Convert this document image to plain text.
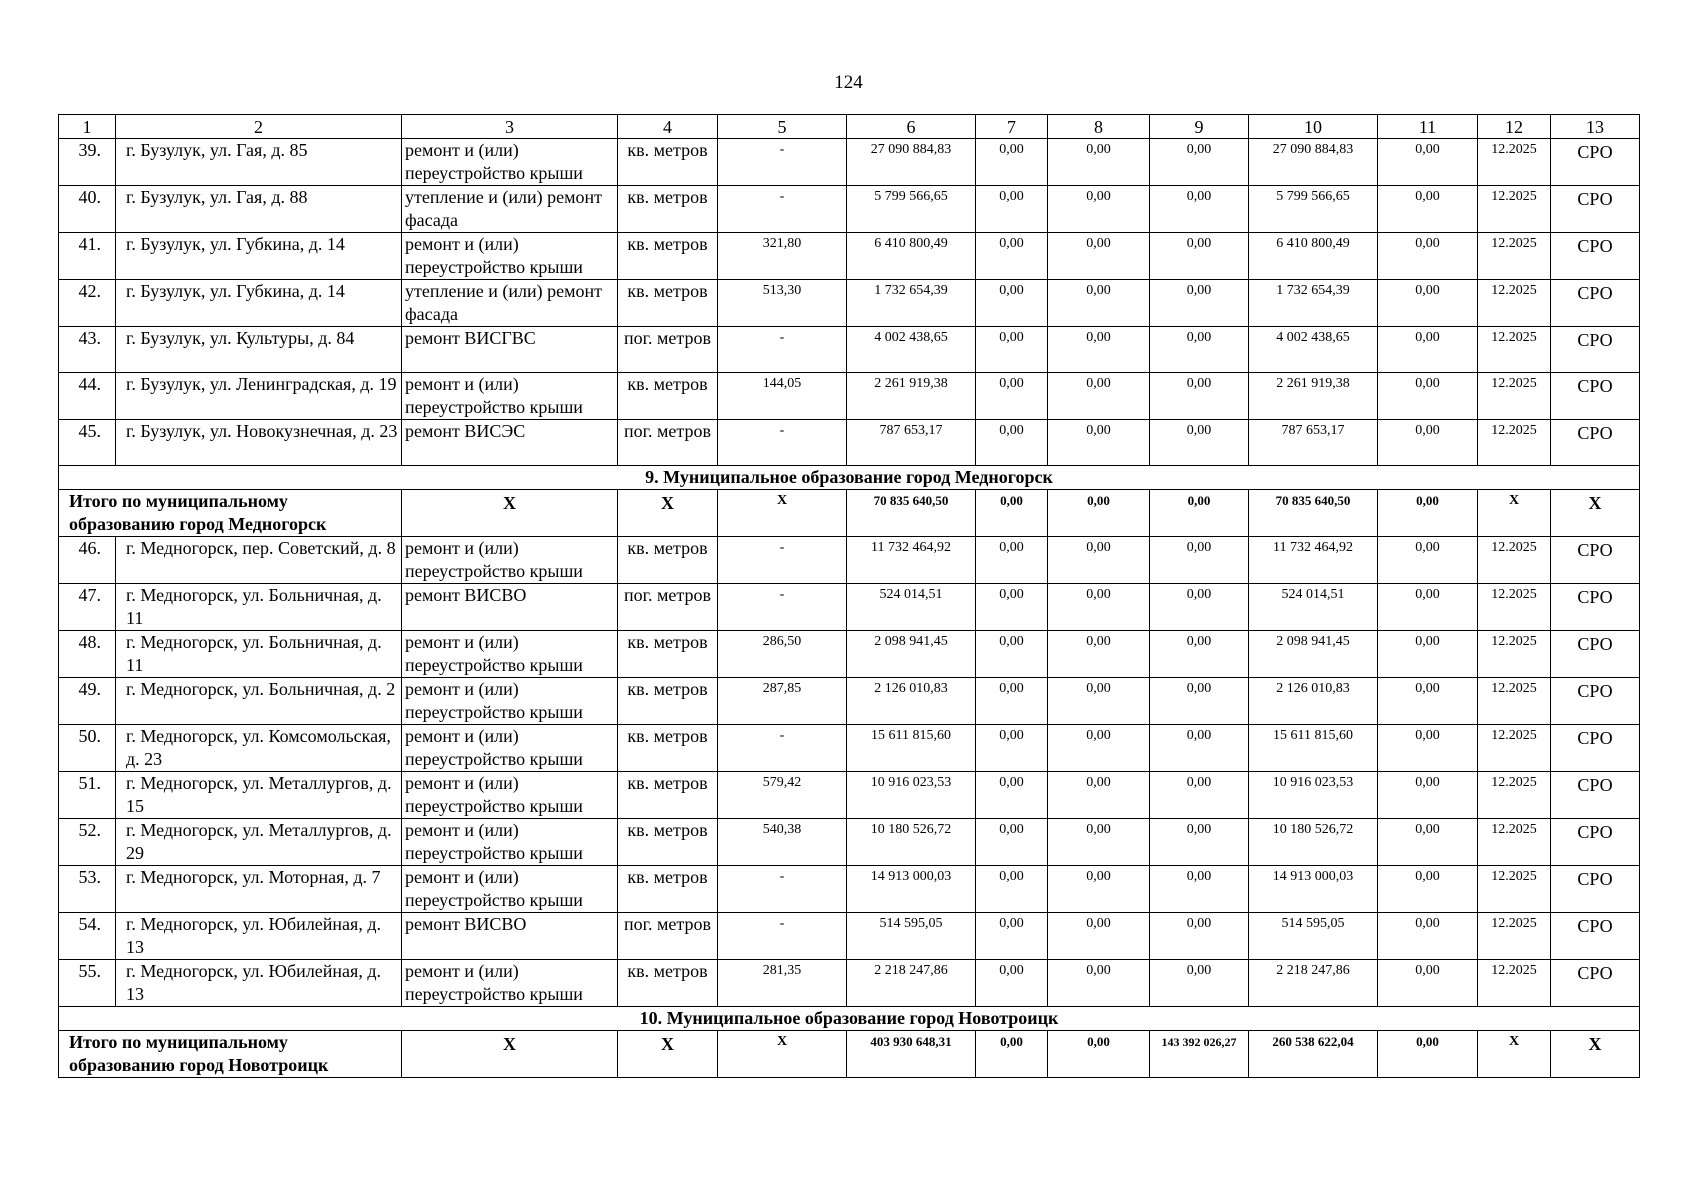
124
1	2	3	4	5	6	7	8	9	10	11	12	13
39.	г. Бузулук, ул. Гая, д. 85	ремонт и (или) переустройство крыши	кв. метров	-	27 090 884,83	0,00	0,00	0,00	27 090 884,83	0,00	12.2025	СРО
40.	г. Бузулук, ул. Гая, д. 88	утепление и (или) ремонт фасада	кв. метров	-	5 799 566,65	0,00	0,00	0,00	5 799 566,65	0,00	12.2025	СРО
41.	г. Бузулук, ул. Губкина, д. 14	ремонт и (или) переустройство крыши	кв. метров	321,80	6 410 800,49	0,00	0,00	0,00	6 410 800,49	0,00	12.2025	СРО
42.	г. Бузулук, ул. Губкина, д. 14	утепление и (или) ремонт фасада	кв. метров	513,30	1 732 654,39	0,00	0,00	0,00	1 732 654,39	0,00	12.2025	СРО
43.	г. Бузулук, ул. Культуры, д. 84	ремонт ВИСГВС	пог. метров	-	4 002 438,65	0,00	0,00	0,00	4 002 438,65	0,00	12.2025	СРО
44.	г. Бузулук, ул. Ленинградская, д. 19	ремонт и (или) переустройство крыши	кв. метров	144,05	2 261 919,38	0,00	0,00	0,00	2 261 919,38	0,00	12.2025	СРО
45.	г. Бузулук, ул. Новокузнечная, д. 23	ремонт ВИСЭС	пог. метров	-	787 653,17	0,00	0,00	0,00	787 653,17	0,00	12.2025	СРО
9. Муниципальное образование город Медногорск												
Итого по муниципальному образованию город Медногорск		Х	Х	Х	70 835 640,50	0,00	0,00	0,00	70 835 640,50	0,00	Х	Х
46.	г. Медногорск, пер. Советский, д. 8	ремонт и (или) переустройство крыши	кв. метров	-	11 732 464,92	0,00	0,00	0,00	11 732 464,92	0,00	12.2025	СРО
47.	г. Медногорск, ул. Больничная, д. 11	ремонт ВИСВО	пог. метров	-	524 014,51	0,00	0,00	0,00	524 014,51	0,00	12.2025	СРО
48.	г. Медногорск, ул. Больничная, д. 11	ремонт и (или) переустройство крыши	кв. метров	286,50	2 098 941,45	0,00	0,00	0,00	2 098 941,45	0,00	12.2025	СРО
49.	г. Медногорск, ул. Больничная, д. 2	ремонт и (или) переустройство крыши	кв. метров	287,85	2 126 010,83	0,00	0,00	0,00	2 126 010,83	0,00	12.2025	СРО
50.	г. Медногорск, ул. Комсомольская, д. 23	ремонт и (или) переустройство крыши	кв. метров	-	15 611 815,60	0,00	0,00	0,00	15 611 815,60	0,00	12.2025	СРО
51.	г. Медногорск, ул. Металлургов, д. 15	ремонт и (или) переустройство крыши	кв. метров	579,42	10 916 023,53	0,00	0,00	0,00	10 916 023,53	0,00	12.2025	СРО
52.	г. Медногорск, ул. Металлургов, д. 29	ремонт и (или) переустройство крыши	кв. метров	540,38	10 180 526,72	0,00	0,00	0,00	10 180 526,72	0,00	12.2025	СРО
53.	г. Медногорск, ул. Моторная, д. 7	ремонт и (или) переустройство крыши	кв. метров	-	14 913 000,03	0,00	0,00	0,00	14 913 000,03	0,00	12.2025	СРО
54.	г. Медногорск, ул. Юбилейная, д. 13	ремонт ВИСВО	пог. метров	-	514 595,05	0,00	0,00	0,00	514 595,05	0,00	12.2025	СРО
55.	г. Медногорск, ул. Юбилейная, д. 13	ремонт и (или) переустройство крыши	кв. метров	281,35	2 218 247,86	0,00	0,00	0,00	2 218 247,86	0,00	12.2025	СРО
10. Муниципальное образование город Новотроицк												
Итого по муниципальному образованию город Новотроицк		Х	Х	Х	403 930 648,31	0,00	0,00	143 392 026,27	260 538 622,04	0,00	Х	Х
